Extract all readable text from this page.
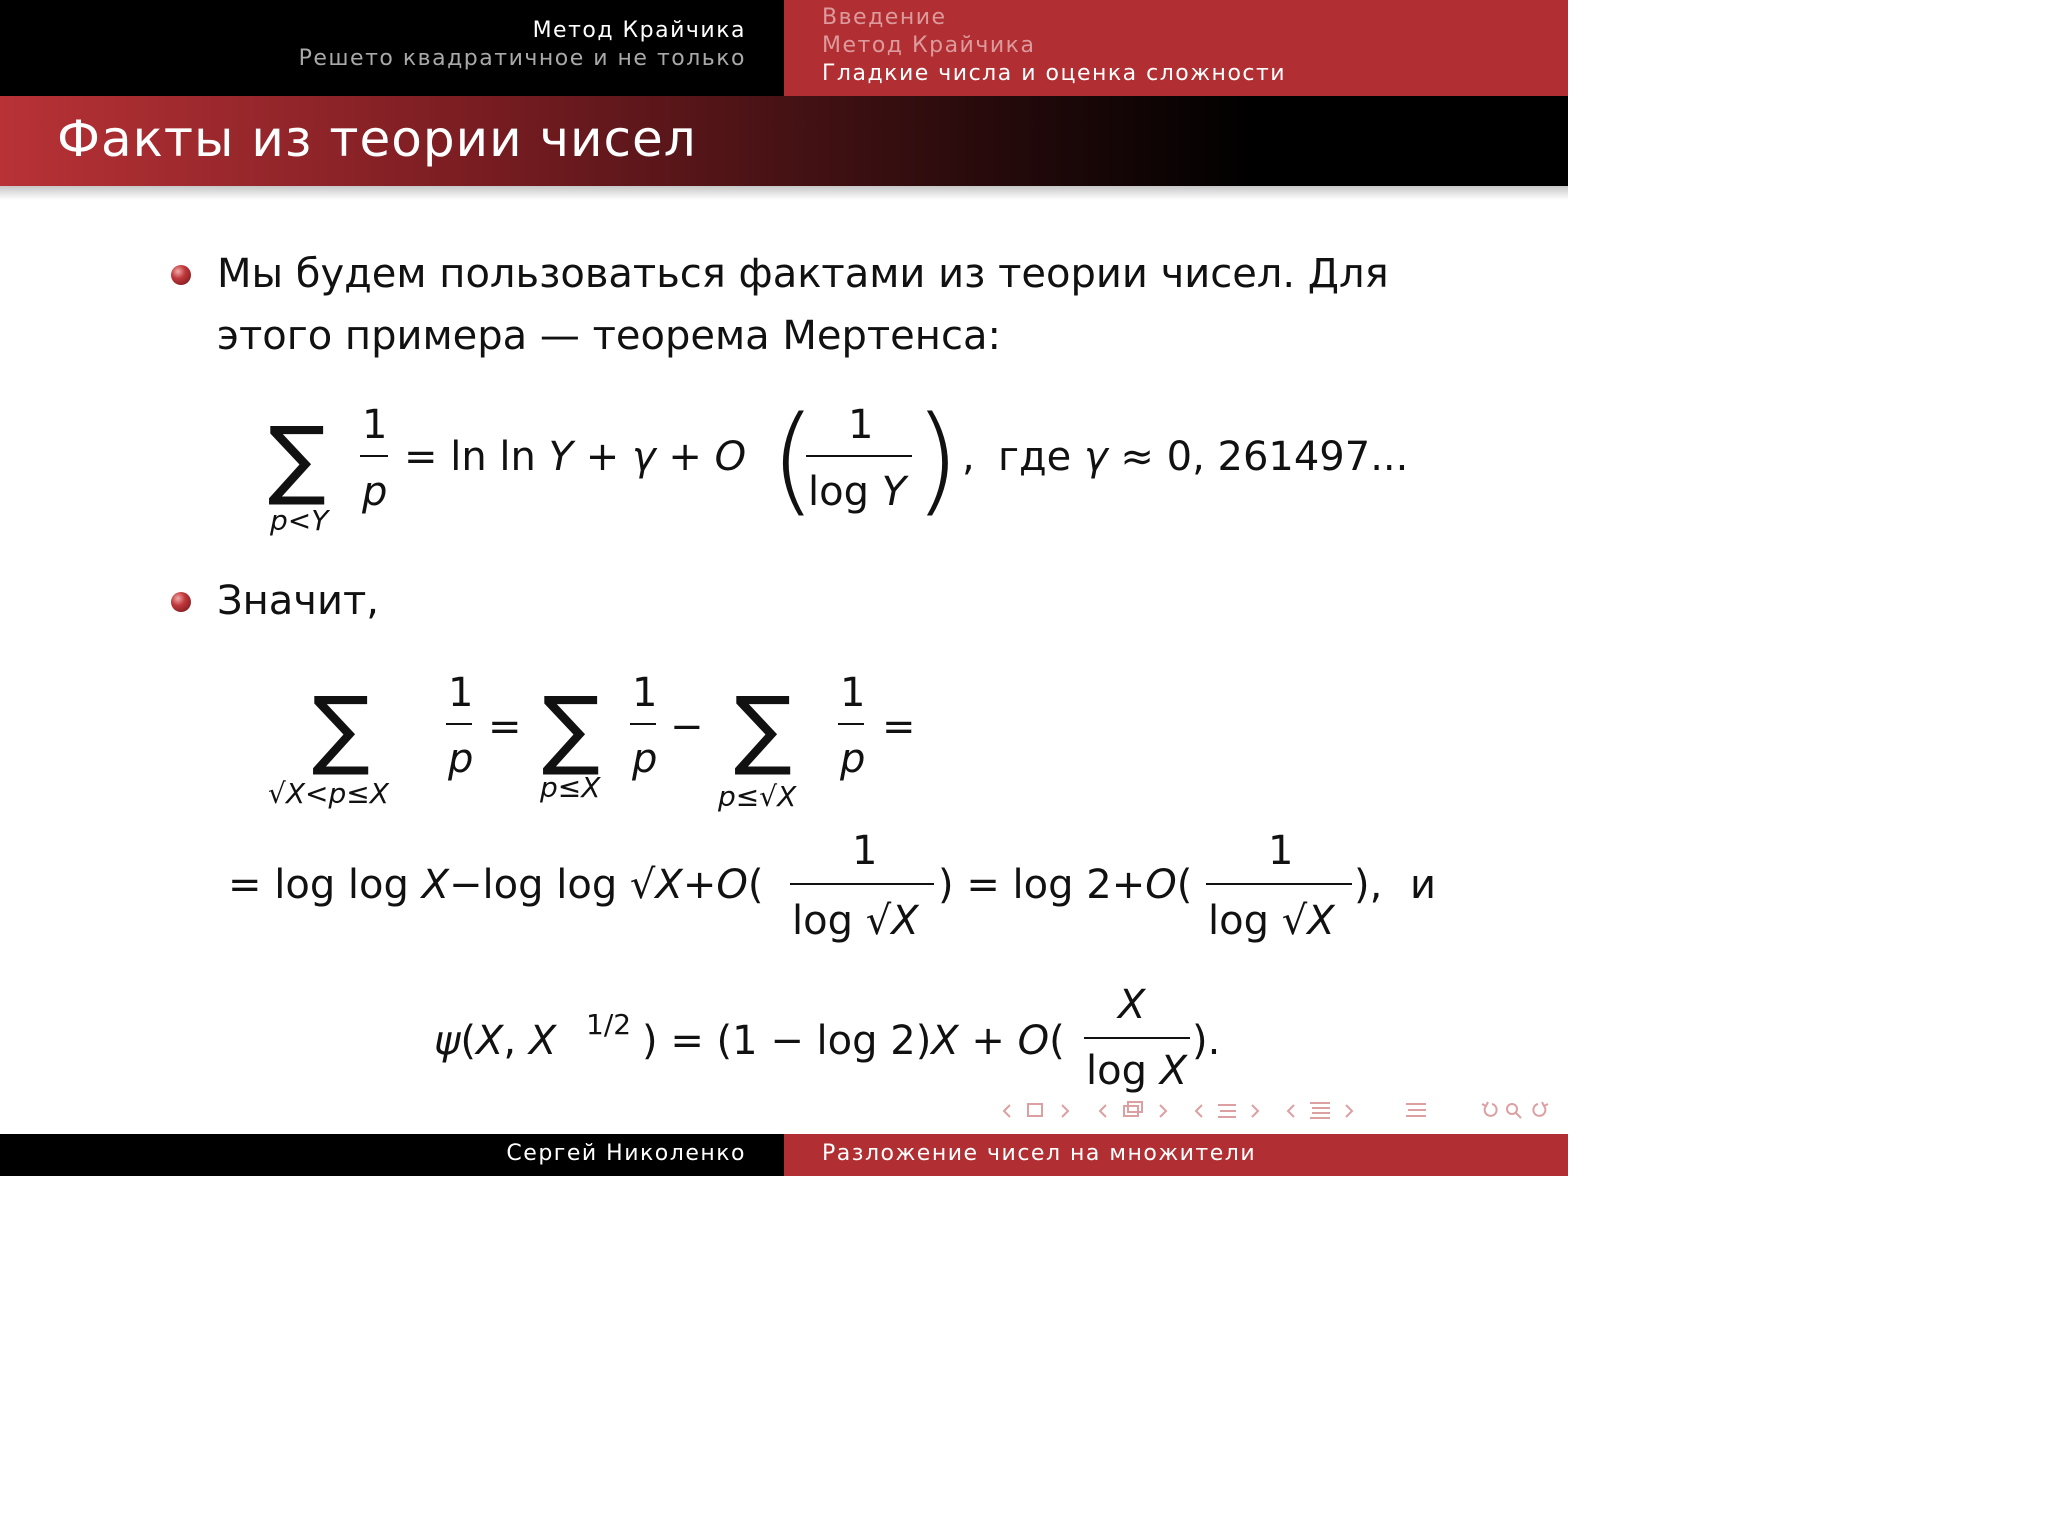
Метод Крайчика
Решето квадратичное и не только
Введение
Метод Крайчика
Гладкие числа и оценка сложности
Факты из теории чисел
Мы будем пользоваться фактами из теории чисел. Для
этого примера — теорема Мертенса:
∑
p<Y
1
p
= ln ln Y + γ + O ( 1
log Y ) , где γ ≈ 0, 261497...
Значит,
∑
√X<p≤X
1
p
= ∑
p≤X
1
p
− ∑
p≤√X
1
p
=
= log log X−log log √X+O(
1
log √X
) = log 2+O(
1
log √X
), и
ψ(X, X 1/2 ) = (1 − log 2)X + O(
X
log X
).
Сергей Николенко	Разложение чисел на множители
